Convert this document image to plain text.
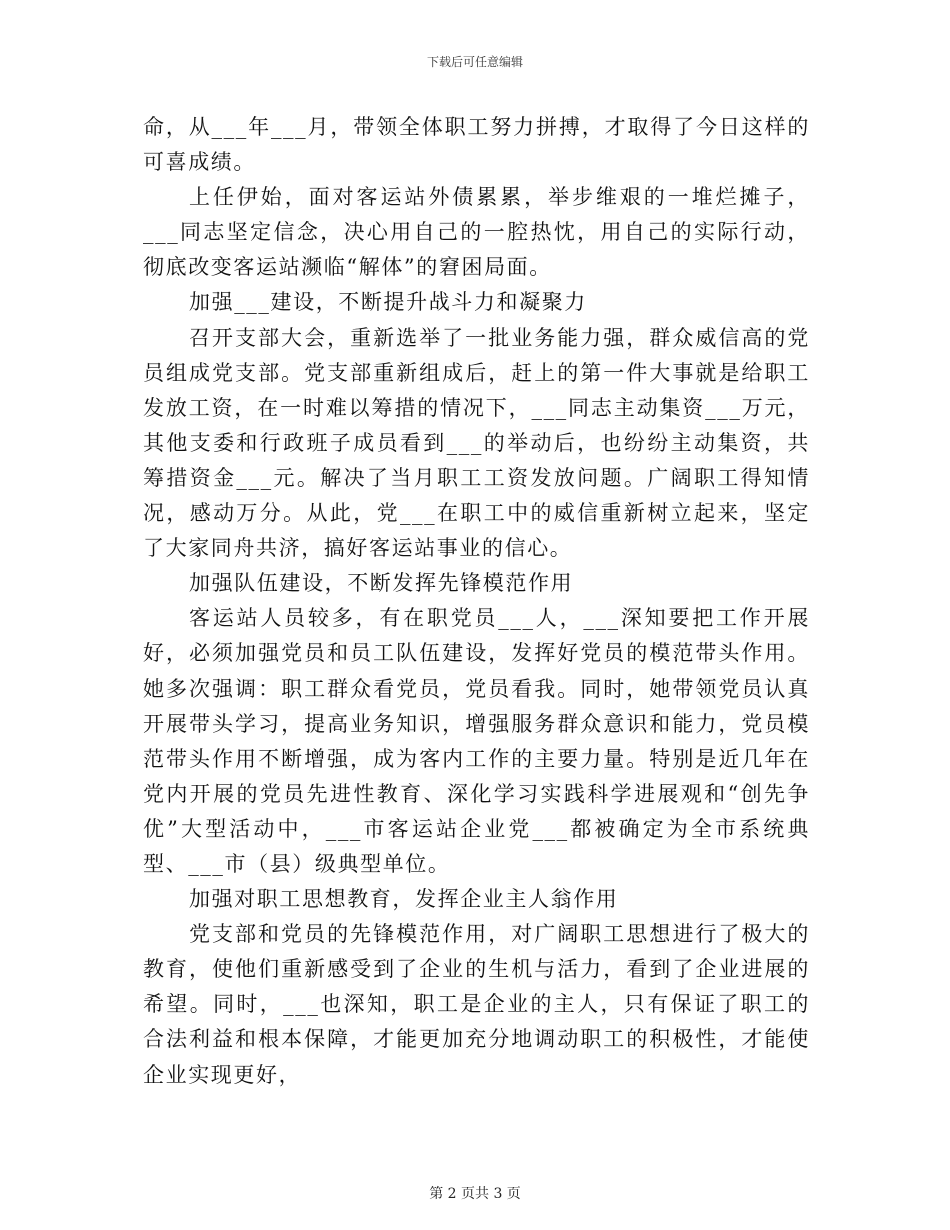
下载后可任意编辑

命，从___年___月，带领全体职工努力拼搏，才取得了今日这样的可喜成绩。

上任伊始，面对客运站外债累累，举步维艰的一堆烂摊子，___同志坚定信念，决心用自己的一腔热忱，用自己的实际行动，彻底改变客运站濒临“解体”的窘困局面。

加强___建设，不断提升战斗力和凝聚力

召开支部大会，重新选举了一批业务能力强，群众威信高的党员组成党支部。党支部重新组成后，赶上的第一件大事就是给职工发放工资，在一时难以筹措的情况下，___同志主动集资___万元，其他支委和行政班子成员看到___的举动后，也纷纷主动集资，共筹措资金___元。解决了当月职工工资发放问题。广阔职工得知情况，感动万分。从此，党___在职工中的威信重新树立起来，坚定了大家同舟共济，搞好客运站事业的信心。

加强队伍建设，不断发挥先锋模范作用

客运站人员较多，有在职党员___人，___深知要把工作开展好，必须加强党员和员工队伍建设，发挥好党员的模范带头作用。她多次强调：职工群众看党员，党员看我。同时，她带领党员认真开展带头学习，提高业务知识，增强服务群众意识和能力，党员模范带头作用不断增强，成为客内工作的主要力量。特别是近几年在党内开展的党员先进性教育、深化学习实践科学进展观和“创先争优”大型活动中，___市客运站企业党___都被确定为全市系统典型、___市（县）级典型单位。

加强对职工思想教育，发挥企业主人翁作用

党支部和党员的先锋模范作用，对广阔职工思想进行了极大的教育，使他们重新感受到了企业的生机与活力，看到了企业进展的希望。同时，___也深知，职工是企业的主人，只有保证了职工的合法利益和根本保障，才能更加充分地调动职工的积极性，才能使企业实现更好，

第 2 页共 3 页
